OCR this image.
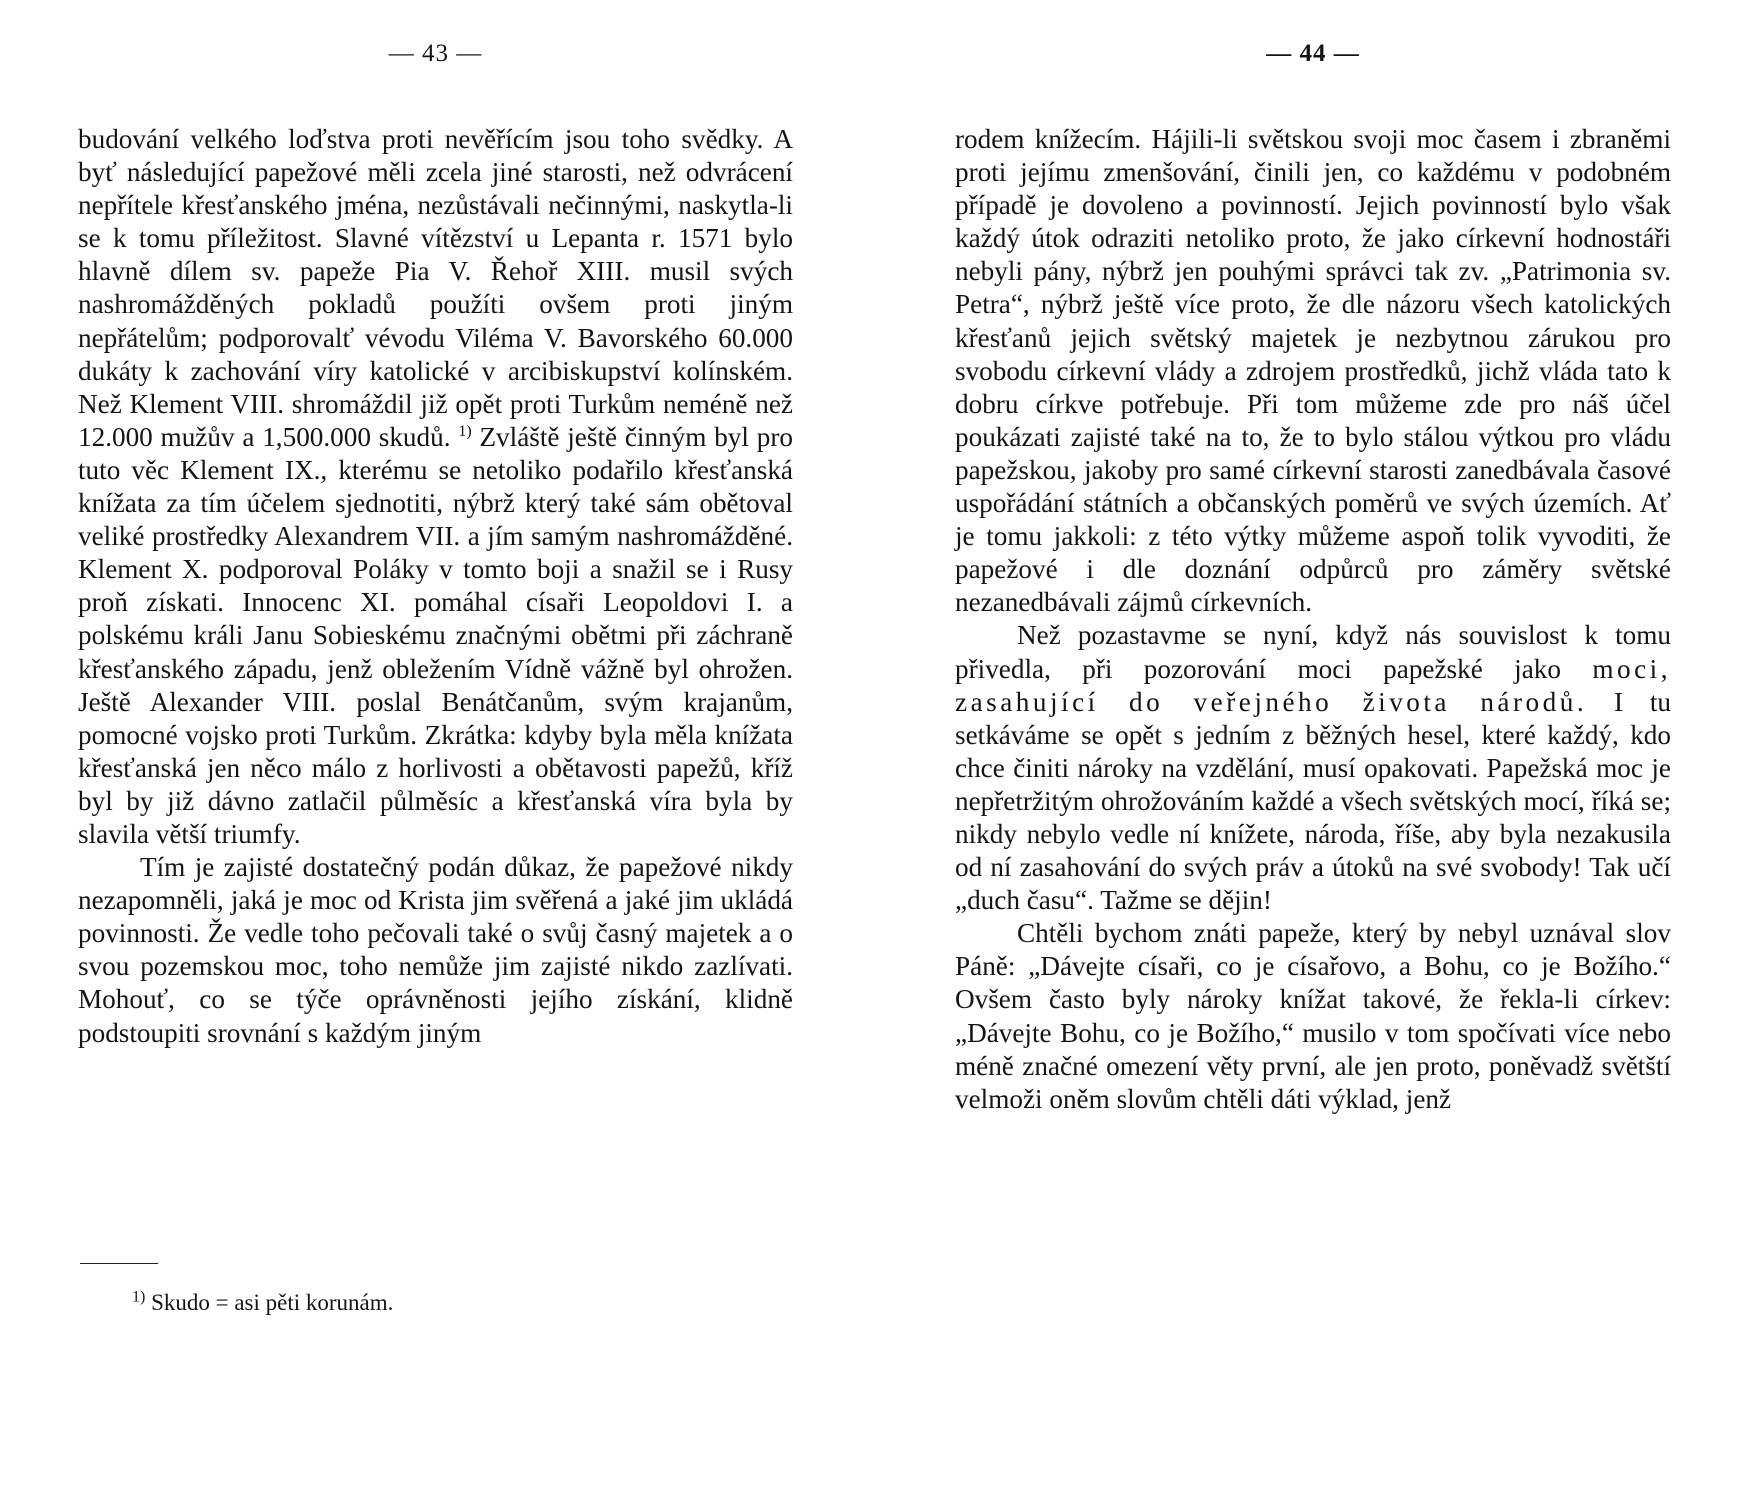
— 43 —

budování velkého loďstva proti nevěřícím jsou toho svědky. A byť následující papežové měli zcela jiné starosti, než odvrácení nepřítele křesťanského jména, nezůstávali nečinnými, naskytla-li se k tomu příležitost. Slavné vítězství u Lepanta r. 1571 bylo hlavně dílem sv. papeže Pia V. Řehoř XIII. musil svých nashromážděných pokladů použíti ovšem proti jiným nepřátelům; podporovalť vévodu Viléma V. Bavorského 60.000 dukáty k zachování víry katolické v arcibiskupství kolínském. Než Klement VIII. shromáždil již opět proti Turkům neméně než 12.000 mužův a 1,500.000 skudů. $^{1)}$ Zvláště ještě činným byl pro tuto věc Klement IX., kterému se netoliko podařilo křesťanská knížata za tím účelem sjednotiti, nýbrž který také sám obětoval veliké prostředky Alexandrem VII. a jím samým nashromážděné. Klement X. podporoval Poláky v tomto boji a snažil se i Rusy proň získati. Innocenc XI. pomáhal císaři Leopoldovi I. a polskému králi Janu Sobieskému značnými obětmi při záchraně křesťanského západu, jenž obležením Vídně vážně byl ohrožen. Ještě Alexander VIII. poslal Benátčanům, svým krajanům, pomocné vojsko proti Turkům. Zkrátka: kdyby byla měla knížata křesťanská jen něco málo z horlivosti a obětavosti papežů, kříž byl by již dávno zatlačil půlměsíc a křesťanská víra byla by slavila větší triumfy.

Tím je zajisté dostatečný podán důkaz, že papežové nikdy nezapomněli, jaká je moc od Krista jim svěřená a jaké jim ukládá povinnosti. Že vedle toho pečovali také o svůj časný majetek a o svou pozemskou moc, toho nemůže jim zajisté nikdo zazlívati. Mohouť, co se týče oprávněnosti jejího získání, klidně podstoupiti srovnání s každým jiným

$^{1)}$ Skudo = asi pěti korunám.
— 44 —

rodem knížecím. Hájili-li světskou svoji moc časem i zbraněmi proti jejímu zmenšování, činili jen, co každému v podobném případě je dovoleno a povinností. Jejich povinností bylo však každý útok odraziti netoliko proto, že jako církevní hodnostáři nebyli pány, nýbrž jen pouhými správci tak zv. „Patrimonia sv. Petra“, nýbrž ještě více proto, že dle názoru všech katolických křesťanů jejich světský majetek je nezbytnou zárukou pro svobodu církevní vlády a zdrojem prostředků, jichž vláda tato k dobru církve potřebuje. Při tom můžeme zde pro náš účel poukázati zajisté také na to, že to bylo stálou výtkou pro vládu papežskou, jakoby pro samé církevní starosti zanedbávala časové uspořádání státních a občanských poměrů ve svých územích. Ať je tomu jakkoli: z této výtky můžeme aspoň tolik vyvoditi, že papežové i dle doznání odpůrců pro záměry světské nezanedbávali zájmů církevních.

Než pozastavme se nyní, když nás souvislost k tomu přivedla, při pozorování moci papežské jako moci, zasahující do veřejného života národů. I tu setkáváme se opět s jedním z běžných hesel, které každý, kdo chce činiti nároky na vzdělání, musí opakovati. Papežská moc je nepřetržitým ohrožováním každé a všech světských mocí, říká se; nikdy nebylo vedle ní knížete, národa, říše, aby byla nezakusila od ní zasahování do svých práv a útoků na své svobody! Tak učí „duch času“. Tažme se dějin!

Chtěli bychom znáti papeže, který by nebyl uznával slov Páně: „Dávejte císaři, co je císařovo, a Bohu, co je Božího.“ Ovšem často byly nároky knížat takové, že řekla-li církev: „Dávejte Bohu, co je Božího,“ musilo v tom spočívati více nebo méně značné omezení věty první, ale jen proto, poněvadž světští velmoži oněm slovům chtěli dáti výklad, jenž
